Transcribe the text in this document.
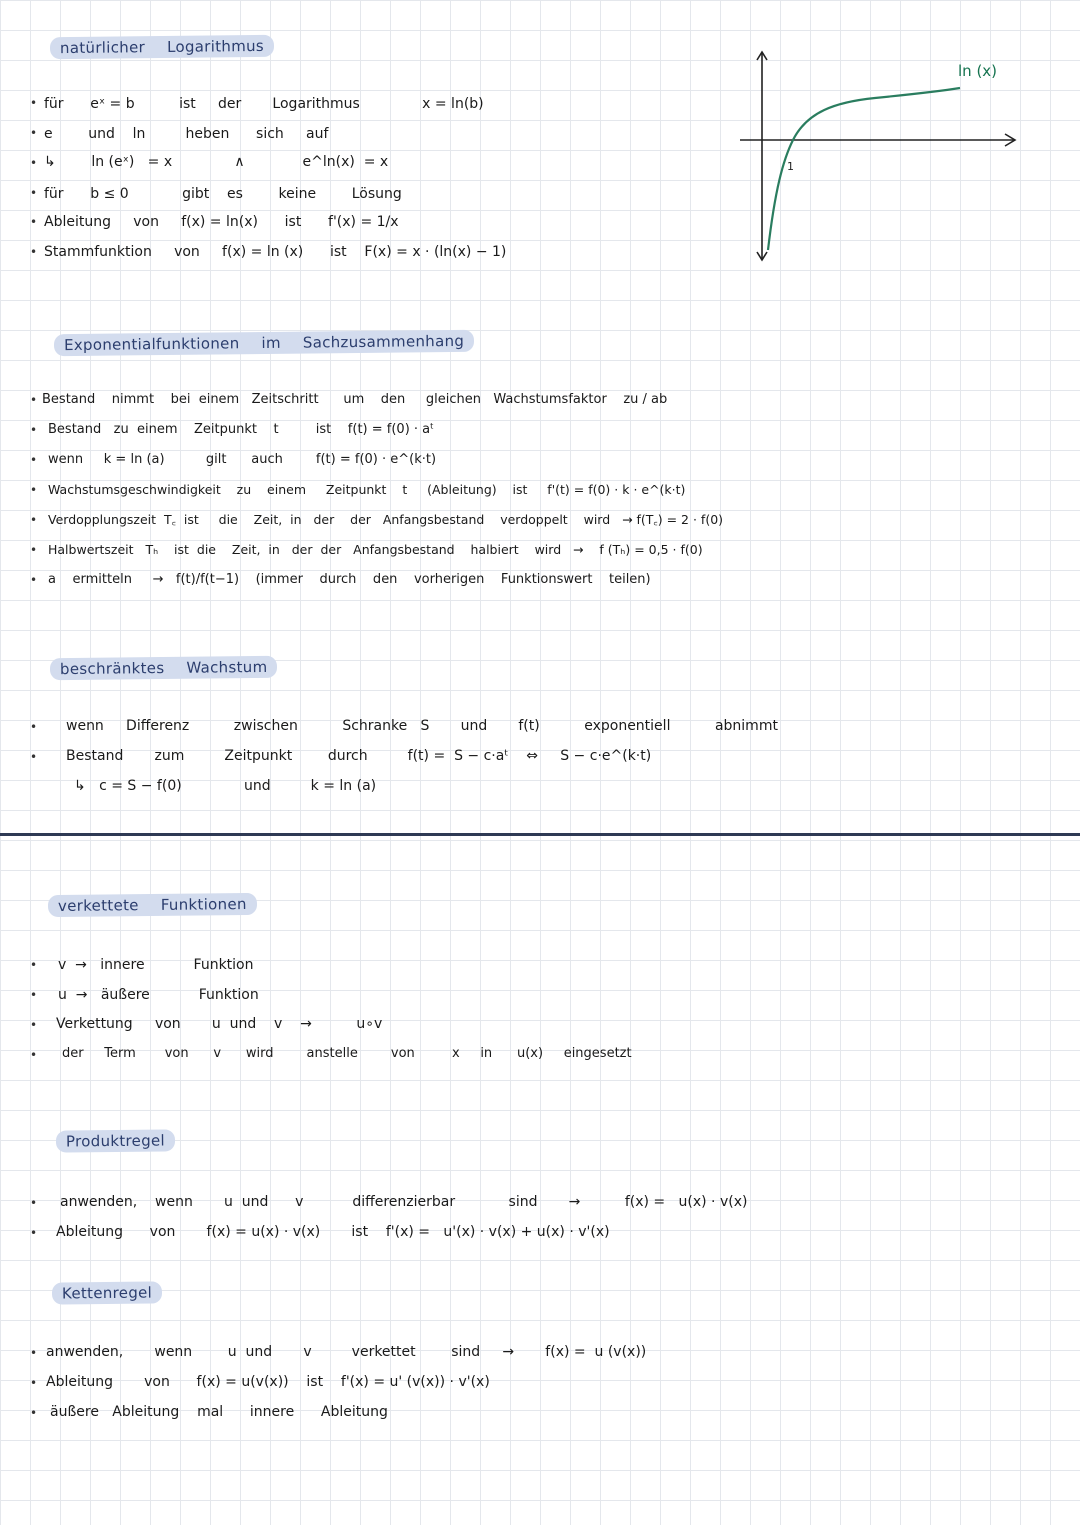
natürlicher Logarithmus
• für      eˣ = b          ist     der       Logarithmus              x = ln(b)
• e        und    ln         heben      sich     auf
• ↳        ln (eˣ)   = x              ∧             e^ln(x)  = x
• für      b ≤ 0            gibt    es        keine        Lösung
• Ableitung     von     f(x) = ln(x)      ist      f'(x) = 1/x
• Stammfunktion     von     f(x) = ln (x)      ist    F(x) = x · (ln(x) − 1)
1
ln (x)
Exponentialfunktionen im Sachzusammenhang
• Bestand    nimmt    bei  einem   Zeitschritt      um    den     gleichen   Wachstumsfaktor    zu / ab
• Bestand   zu  einem    Zeitpunkt    t         ist    f(t) = f(0) · aᵗ
• wenn     k = ln (a)          gilt      auch        f(t) = f(0) · e^(k·t)
• Wachstumsgeschwindigkeit    zu    einem     Zeitpunkt    t     (Ableitung)    ist     f'(t) = f(0) · k · e^(k·t)
• Verdopplungszeit  T꜀  ist     die    Zeit,  in   der    der   Anfangsbestand    verdoppelt    wird   → f(T꜀) = 2 · f(0)
• Halbwertszeit   Tₕ    ist  die    Zeit,  in   der  der   Anfangsbestand    halbiert    wird   →    f (Tₕ) = 0,5 · f(0)
• a    ermitteln     →   f(t)/f(t−1)    (immer    durch    den    vorherigen    Funktionswert    teilen)
beschränktes Wachstum
• wenn     Differenz          zwischen          Schranke   S       und       f(t)          exponentiell          abnimmt
• Bestand       zum         Zeitpunkt        durch         f(t) =  S − c·aᵗ    ⇔     S − c·e^(k·t)
↳   c = S − f(0)              und         k = ln (a)
verkettete Funktionen
• v  →   innere           Funktion
• u  →   äußere           Funktion
• Verkettung     von       u  und    v    →          u∘v
• der     Term       von      v      wird        anstelle        von         x     in      u(x)     eingesetzt
Produktregel
• anwenden,    wenn       u  und      v           differenzierbar            sind       →          f(x) =   u(x) · v(x)
• Ableitung      von       f(x) = u(x) · v(x)       ist    f'(x) =   u'(x) · v(x) + u(x) · v'(x)
Kettenregel
• anwenden,       wenn        u  und       v         verkettet        sind     →       f(x) =  u (v(x))
• Ableitung       von      f(x) = u(v(x))    ist    f'(x) = u' (v(x)) · v'(x)
• äußere   Ableitung    mal      innere      Ableitung
